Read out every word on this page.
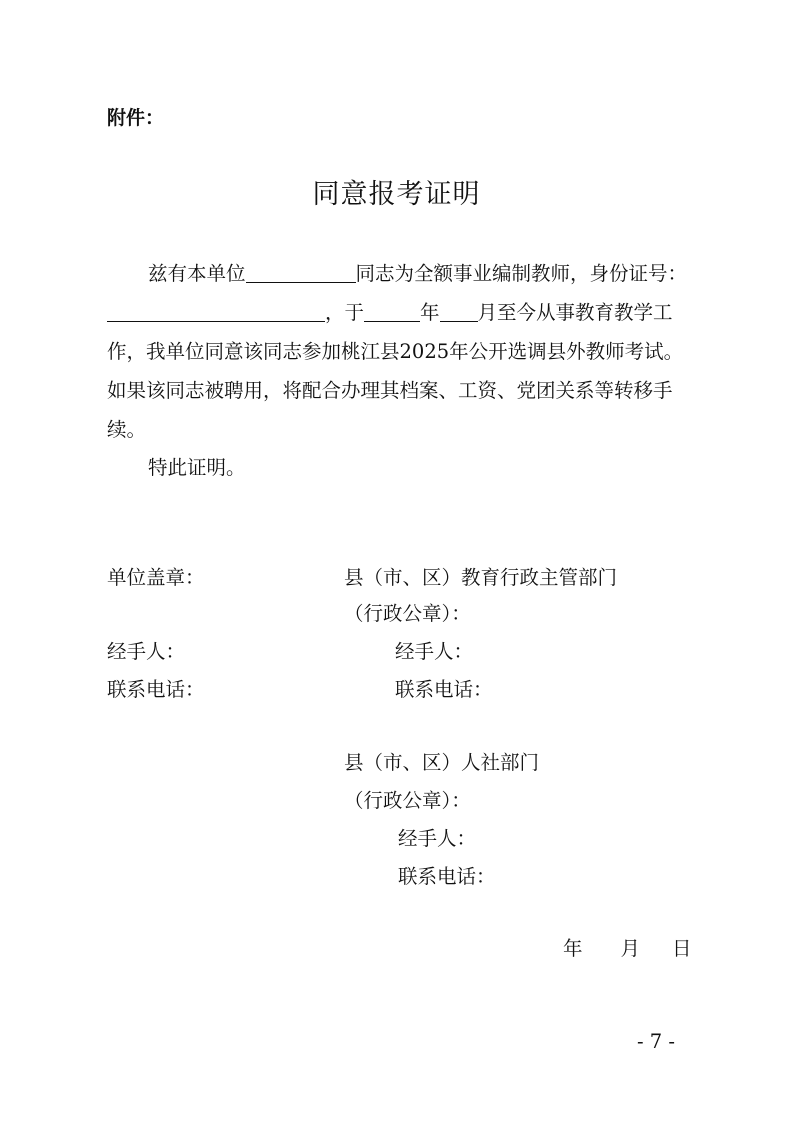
附件：
同意报考证明
兹有本单位	同志为全额事业编制教师，身份证号：
，于	年 月至今从事教育教学工
作，我单位同意该同志参加桃江县2025年公开选调县外教师考试。
如果该同志被聘用，将配合办理其档案、工资、党团关系等转移手
续。
特此证明。
单位盖章：	县（市、区）教育行政主管部门
（行政公章）：
经手人：	经手人：
联系电话：	联系电话：
县（市、区）人社部门
（行政公章）：
经手人：
联系电话：
年 月 日
- 7 -
